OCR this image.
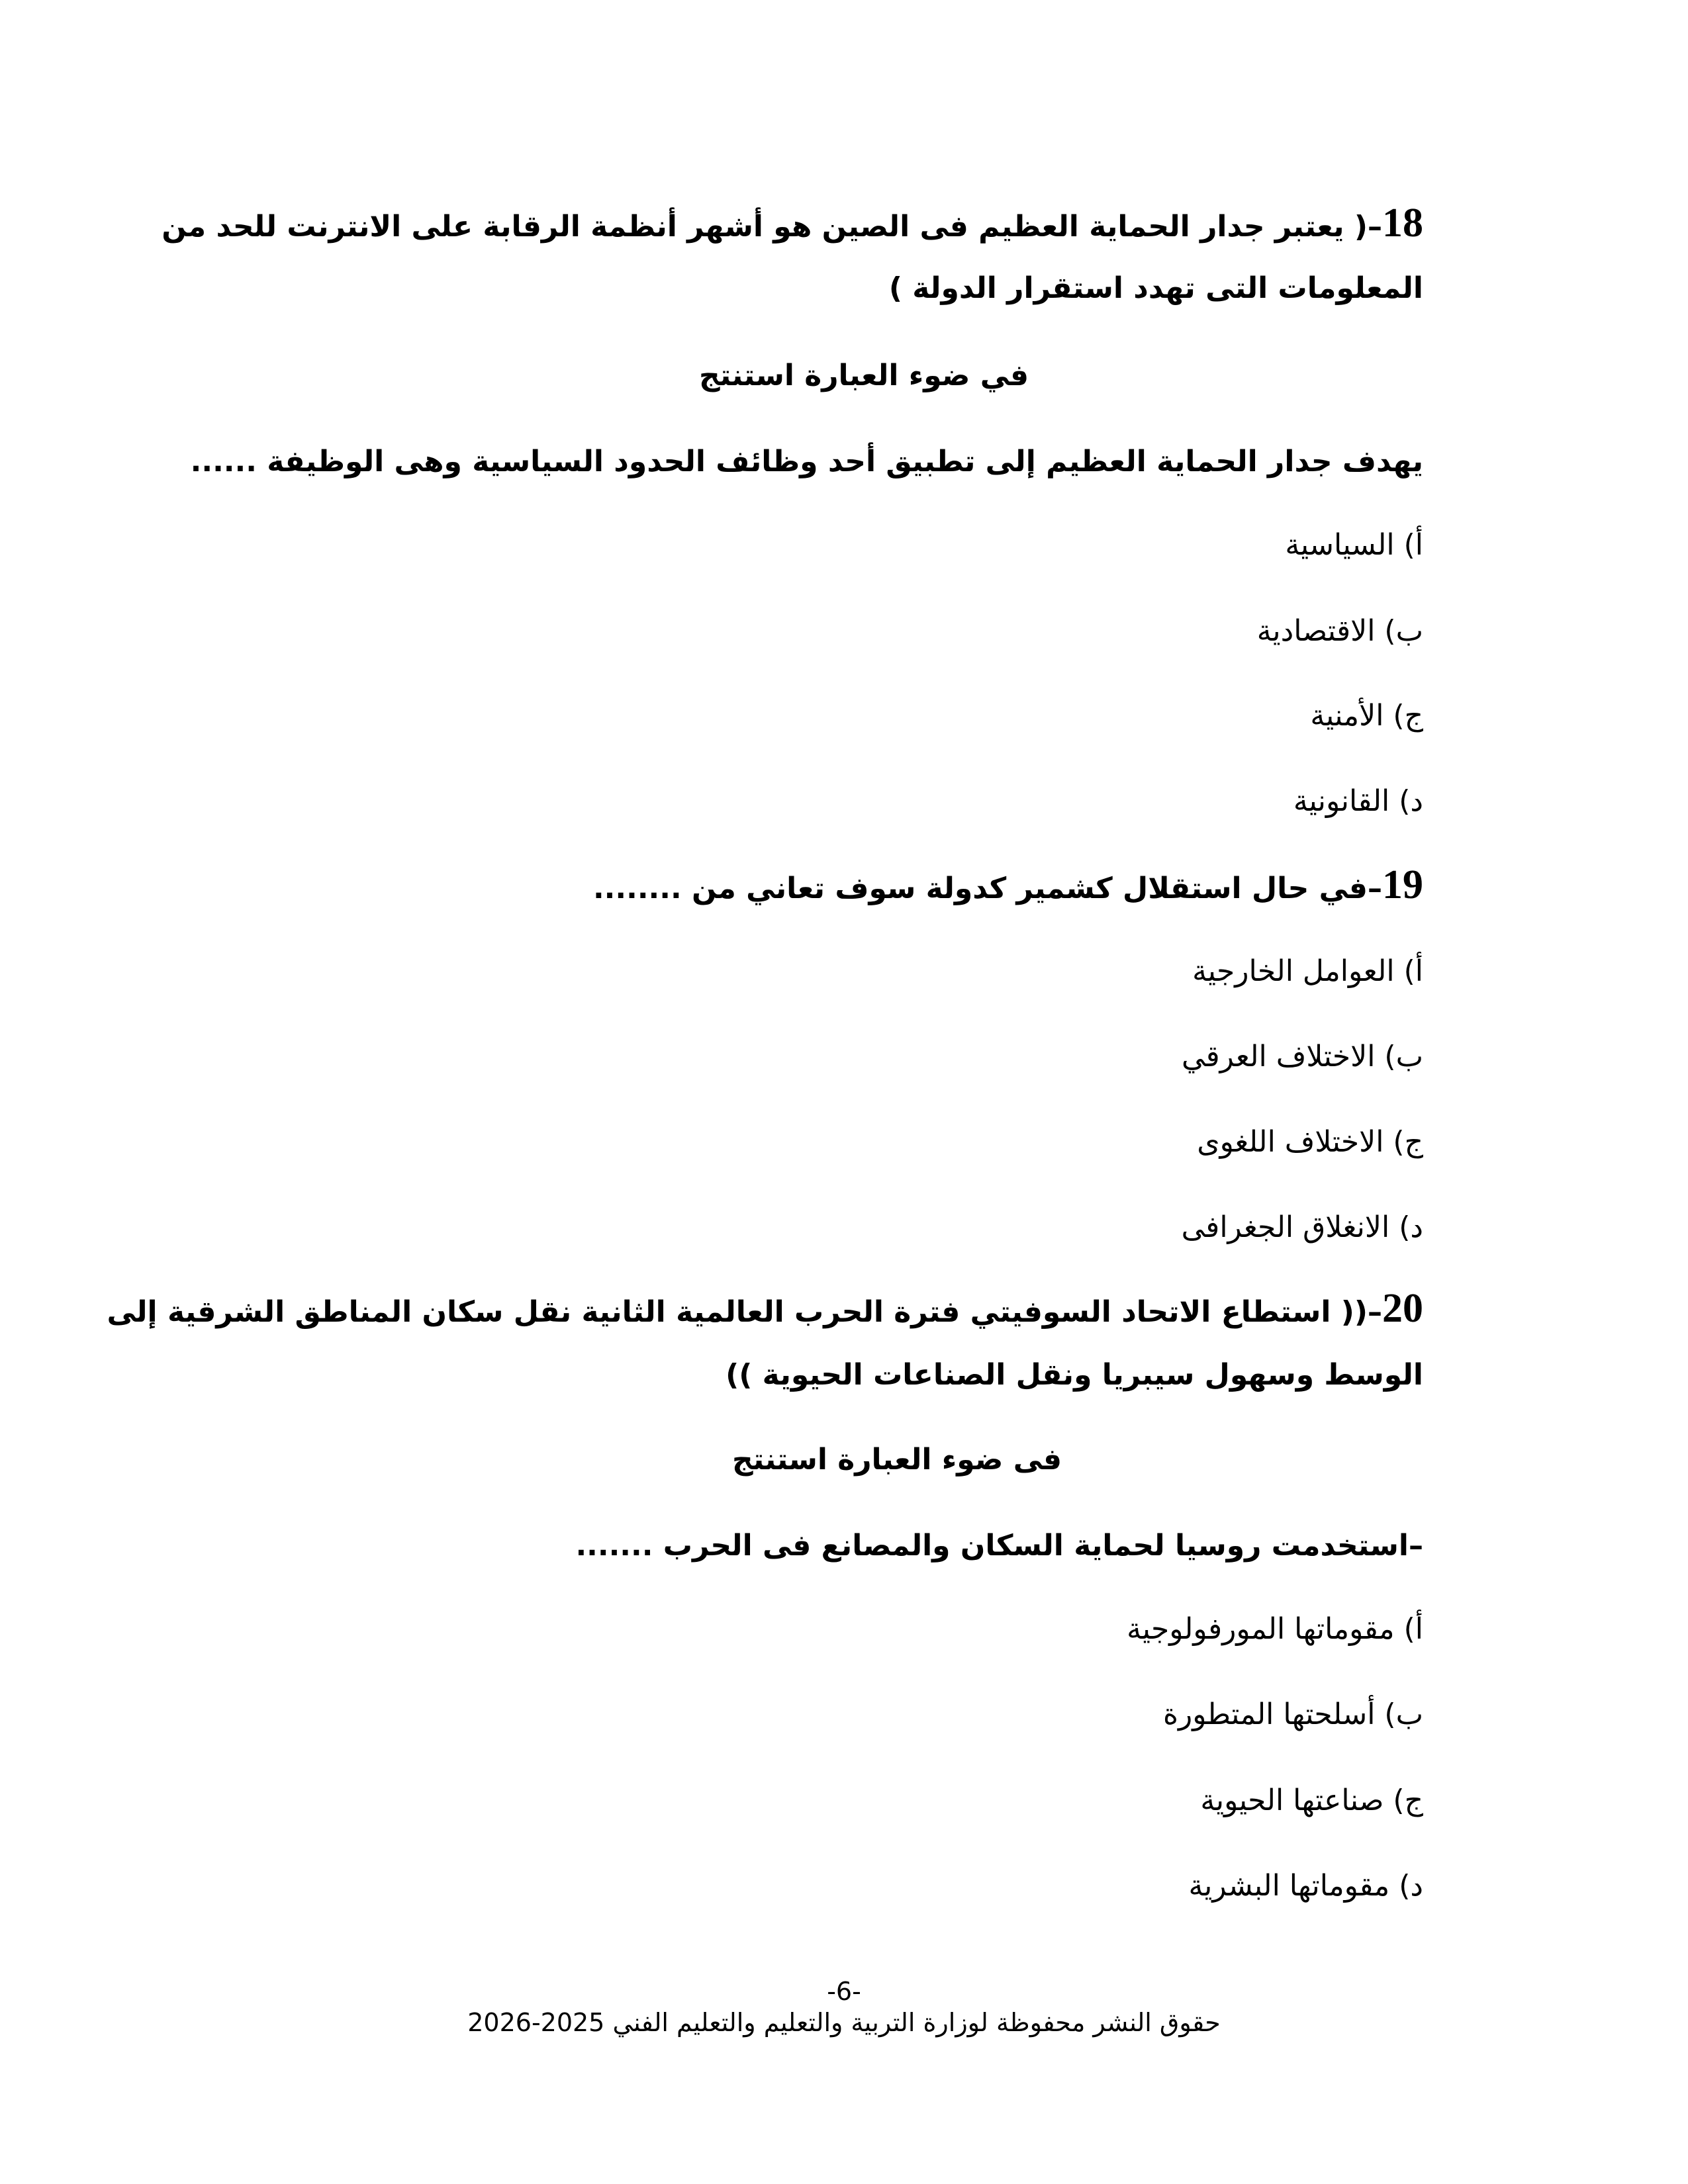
18–( يعتبر جدار الحماية العظيم فى الصين هو أشهر أنظمة الرقابة على الانترنت للحد من
المعلومات التى تهدد استقرار الدولة )
في ضوء العبارة استنتج
يهدف جدار الحماية العظيم إلى تطبيق أحد وظائف الحدود السياسية وهى الوظيفة ......
أ) السياسية
ب) الاقتصادية
ج) الأمنية
د) القانونية
19–في حال استقلال كشمير كدولة سوف تعاني من ........
أ) العوامل الخارجية
ب) الاختلاف العرقي
ج) الاختلاف اللغوى
د) الانغلاق الجغرافى
20–(( استطاع الاتحاد السوفيتي فترة الحرب العالمية الثانية نقل سكان المناطق الشرقية إلى
الوسط وسهول سيبريا ونقل الصناعات الحيوية ))
فى ضوء العبارة استنتج
–استخدمت روسيا لحماية السكان والمصانع فى الحرب .......
أ) مقوماتها المورفولوجية
ب) أسلحتها المتطورة
ج) صناعتها الحيوية
د) مقوماتها البشرية
-6-
حقوق النشر محفوظة لوزارة التربية والتعليم والتعليم الفني 2025-2026
